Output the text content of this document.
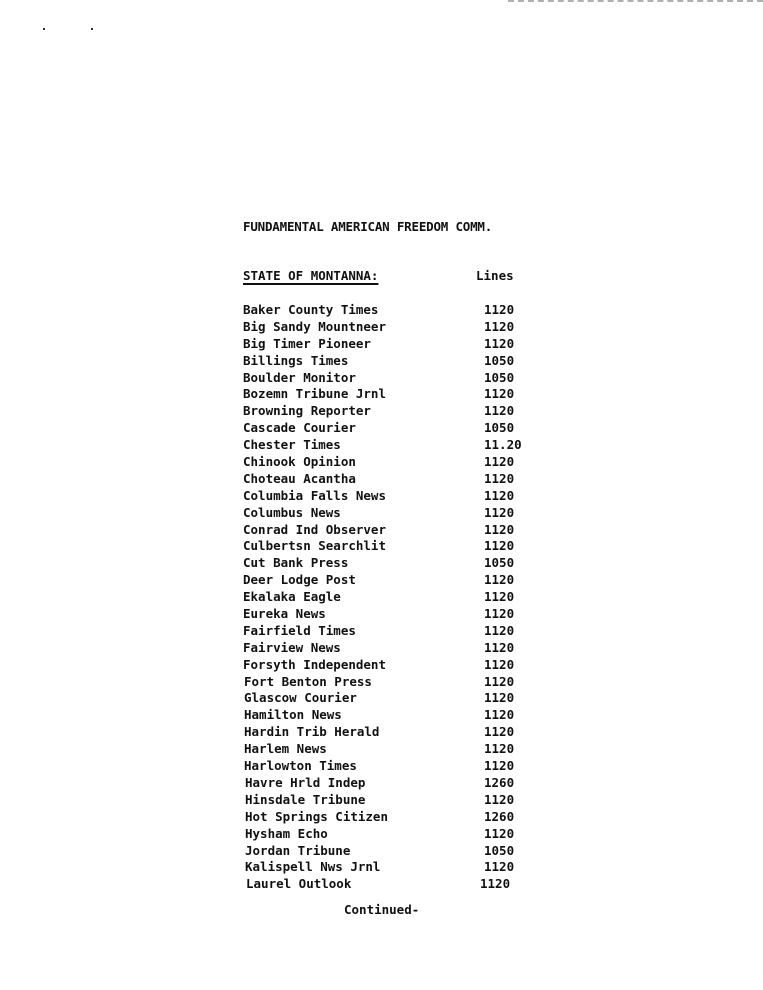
FUNDAMENTAL AMERICAN FREEDOM COMM.
STATE OF MONTANNA:	Lines
Baker County Times	1120
Big Sandy Mountneer	1120
Big Timer Pioneer	1120
Billings Times	1050
Boulder Monitor	1050
Bozemn Tribune Jrnl	1120
Browning Reporter	1120
Cascade Courier	1050
Chester Times	11.20
Chinook Opinion	1120
Choteau Acantha	1120
Columbia Falls News	1120
Columbus News	1120
Conrad Ind Observer	1120
Culbertsn Searchlit	1120
Cut Bank Press	1050
Deer Lodge Post	1120
Ekalaka Eagle	1120
Eureka News	1120
Fairfield Times	1120
Fairview News	1120
Forsyth Independent	1120
Fort Benton Press	1120
Glascow Courier	1120
Hamilton News	1120
Hardin Trib Herald	1120
Harlem News	1120
Harlowton Times	1120
Havre Hrld Indep	1260
Hinsdale Tribune	1120
Hot Springs Citizen	1260
Hysham Echo	1120
Jordan Tribune	1050
Kalispell Nws Jrnl	1120
Laurel Outlook	1120
Continued-
